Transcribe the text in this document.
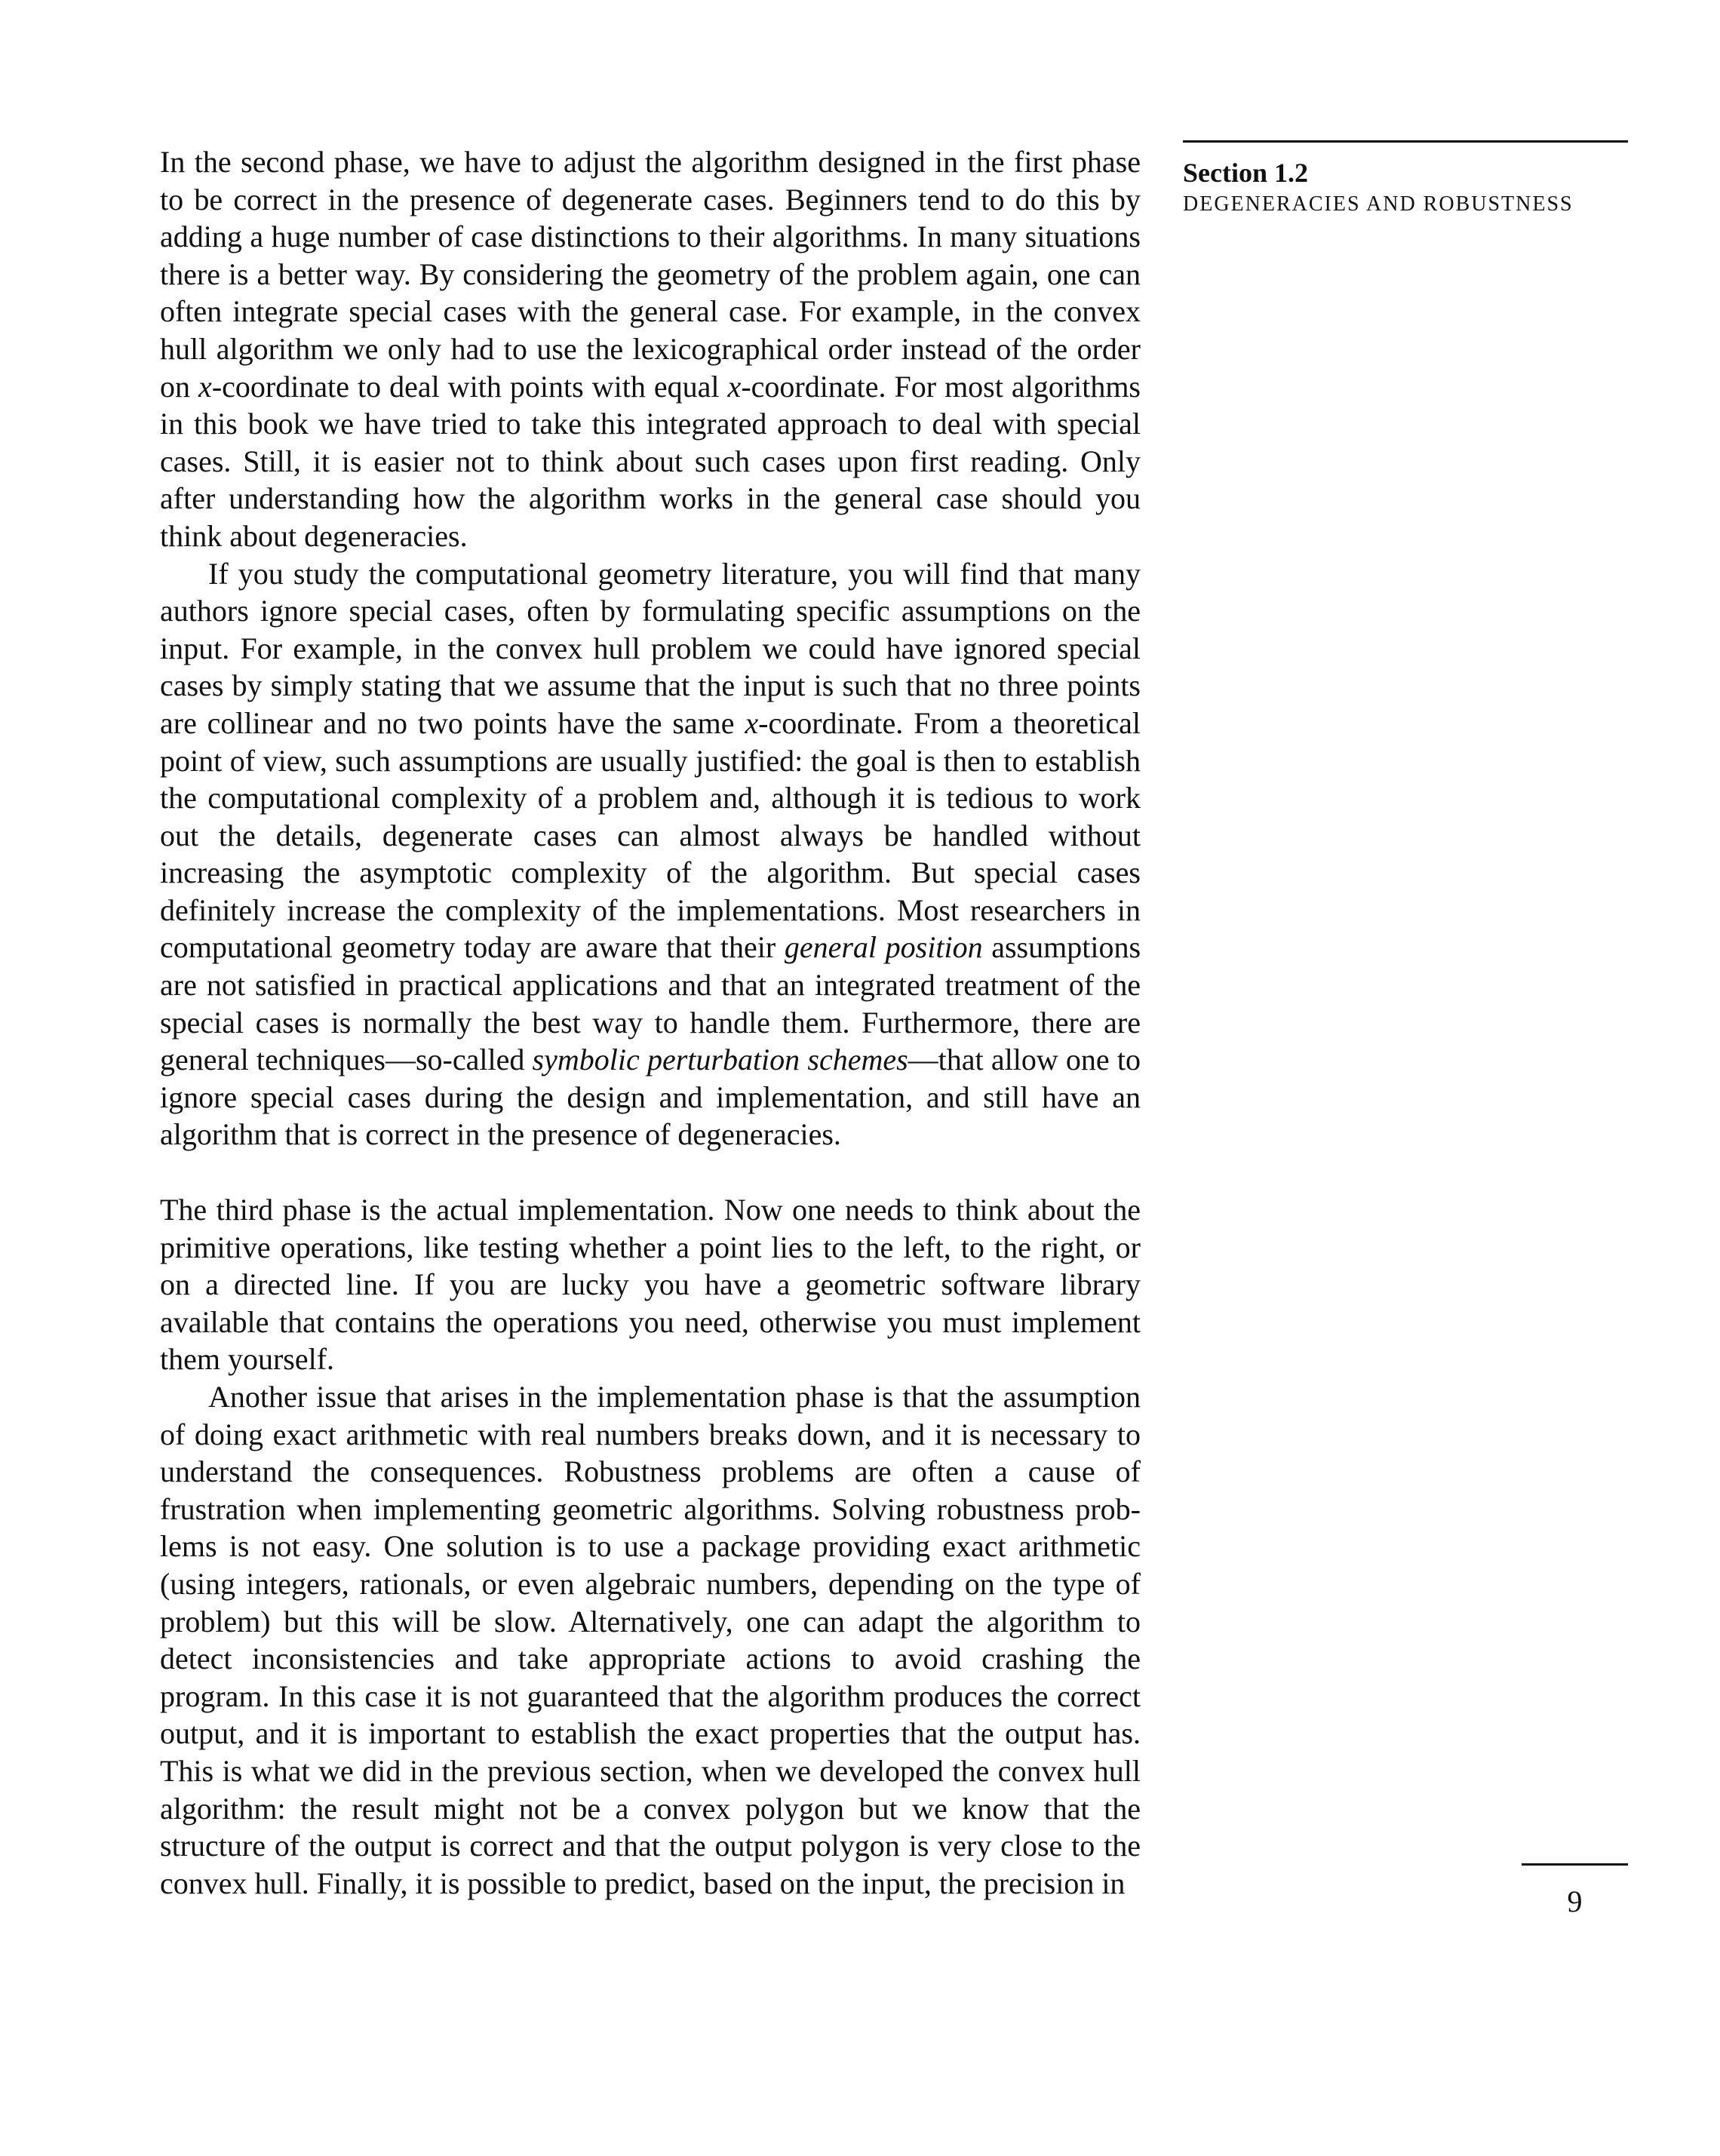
In the second phase, we have to adjust the algorithm designed in the first phase to be correct in the presence of degenerate cases. Beginners tend to do this by adding a huge number of case distinctions to their algorithms. In many situations there is a better way. By considering the geometry of the problem again, one can often integrate special cases with the general case. For example, in the convex hull algorithm we only had to use the lexicographical order instead of the order on x-coordinate to deal with points with equal x-coordinate. For most algorithms in this book we have tried to take this integrated approach to deal with special cases. Still, it is easier not to think about such cases upon first reading. Only after understanding how the algorithm works in the general case should you think about degeneracies.

If you study the computational geometry literature, you will find that many authors ignore special cases, often by formulating specific assumptions on the input. For example, in the convex hull problem we could have ignored special cases by simply stating that we assume that the input is such that no three points are collinear and no two points have the same x-coordinate. From a theoretical point of view, such assumptions are usually justified: the goal is then to establish the computational complexity of a problem and, although it is tedious to work out the details, degenerate cases can almost always be handled without increasing the asymptotic complexity of the algorithm. But special cases definitely increase the complexity of the implementations. Most researchers in computational geometry today are aware that their general position assumptions are not satisfied in practical applications and that an integrated treatment of the special cases is normally the best way to handle them. Furthermore, there are general techniques—so-called symbolic perturbation schemes—that allow one to ignore special cases during the design and implementation, and still have an algorithm that is correct in the presence of degeneracies.

The third phase is the actual implementation. Now one needs to think about the primitive operations, like testing whether a point lies to the left, to the right, or on a directed line. If you are lucky you have a geometric software library available that contains the operations you need, otherwise you must implement them yourself.

Another issue that arises in the implementation phase is that the assumption of doing exact arithmetic with real numbers breaks down, and it is necessary to understand the consequences. Robustness problems are often a cause of frustration when implementing geometric algorithms. Solving robustness problems is not easy. One solution is to use a package providing exact arithmetic (using integers, rationals, or even algebraic numbers, depending on the type of problem) but this will be slow. Alternatively, one can adapt the algorithm to detect inconsistencies and take appropriate actions to avoid crashing the program. In this case it is not guaranteed that the algorithm produces the correct output, and it is important to establish the exact properties that the output has. This is what we did in the previous section, when we developed the convex hull algorithm: the result might not be a convex polygon but we know that the structure of the output is correct and that the output polygon is very close to the convex hull. Finally, it is possible to predict, based on the input, the precision in

Section 1.2
DEGENERACIES AND ROBUSTNESS
9
